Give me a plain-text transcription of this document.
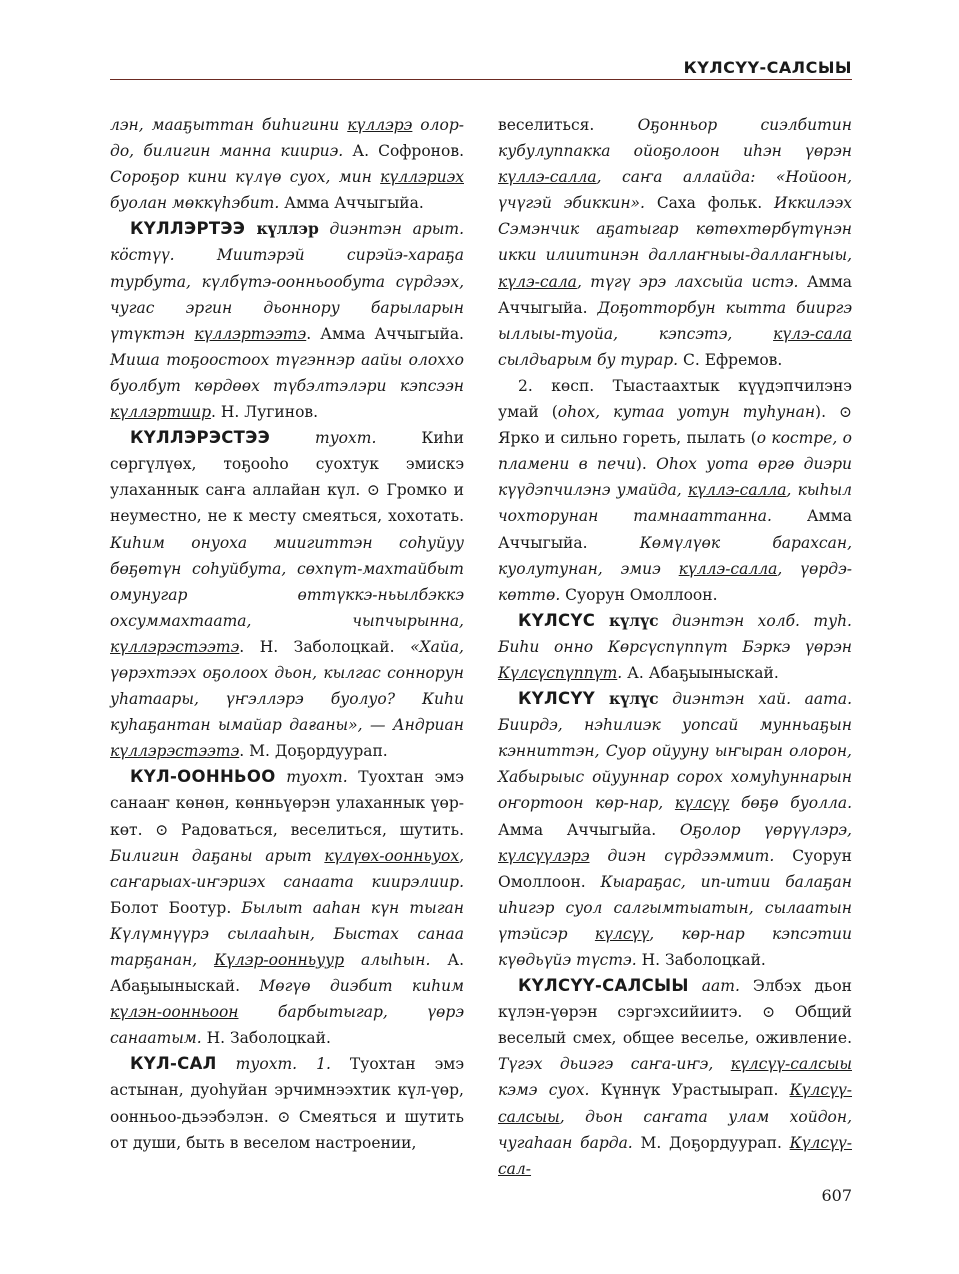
КҮЛСҮҮ-САЛСЫЫ

лэн, мааҕыттан биһигини күллэрэ олор-до, билигин манна киириэ. А. Софронов. Сороҕор кини күлүө суох, мин күллэриэх буолан мөккүһэбит. Амма Аччыгыйа.

КҮЛЛЭРТЭЭ күллэр диэнтэн арыт. кӧстүү. Миитэрэй сирэйэ-хараҕа турбута, күлбүтэ-оонньообута сүрдээх, чугас эргин дьоннору барыларын үтүктэн күллэртээтэ. Амма Аччыгыйа. Миша тоҕоостоох түгэннэр аайы олоххо буолбут көрдөөх түбэлтэлэри кэпсээн күллэртиир. Н. Лугинов.

КҮЛЛЭРЭСТЭЭ туохт. Киһи сөргүлүөх, тоҕооһо суохтук эмискэ улаханнык саҥа аллайан күл. ⊙ Громко и неуместно, не к месту смеяться, хохотать. Киһим онуоха миигиттэн соһуйуу бөҕөтүн соһуйбута, сөхпүт-махтайбыт омунугар өттүккэ-ньылбэккэ охсуммахтаата, чыпчырынна, күллэрэстээтэ. Н. Заболоцкай. «Хайа, үөрэхтээх оҕолоох дьон, кылгас соннорун уһатаары, үҥэллэрэ буолуо? Киһи куһаҕантан ымайар дағаны», — Андриан күллэрэстээтэ. М. Доҕордуурап.

КҮЛ-ООННЬОО туохт. Туохтан эмэ санааҥ көнөн, көнньүөрэн улаханнык үөр-көт. ⊙ Радоваться, веселиться, шутить. Билигин даҕаны арыт күлүөх-оонньуох, саҥарыах-иҥэриэх санаата киирэлиир. Болот Боотур. Былыт ааһан күн тыган Күлүмнүүрэ сылааһын, Быстах санаа тарҕанан, Күлэр-оонньуур алыһын. А. Абаҕыыныскай. Мөгүө диэбит киһим күлэн-оонньоон барбытыгар, үөрэ санаатым. Н. Заболоцкай.

КҮЛ-САЛ туохт. 1. Туохтан эмэ астынан, дуоһуйан эрчимнээхтик күл-үөр, оонньоо-дьээбэлэн. ⊙ Смеяться и шутить от души, быть в веселом настроении,

веселиться. Оҕонньор сиэлбитин кубулуппакка ойоҕолоон иһэн үөрэн күллэ-салла, саҥа аллайда: «Нойоон, үчүгэй эбиккин». Саха фольк. Иккилээх Сэмэнчик аҕатыгар көтөхтөрбүтүнэн икки илиитинэн даллаҥныы-даллаҥныы, күлэ-сала, түгү эрэ лахсыйа истэ. Амма Аччыгыйа. Доҕотторбун кытта бииргэ ыллыы-туойа, кэпсэтэ, күлэ-сала сылдьарым бу турар. С. Ефремов.

2. көсп. Тыастаахтык күүдэпчилэнэ умай (оһох, кутаа уотун туһунан). ⊙ Ярко и сильно гореть, пылать (о костре, о пламени в печи). Оһох уота өргө диэри күүдэпчилэнэ умайда, күллэ-салла, кыһыл чохторунан тамнааттанна. Амма Аччыгыйа. Көмүлүөк барахсан, куолутунан, эмиэ күллэ-салла, үөрдэ-көттө. Суорун Омоллоон.

КҮЛСҮС күлүс диэнтэн холб. туһ. Биһи онно Көрсүспүппүт Бэркэ үөрэн Күлсүспүппүт. А. Абаҕыыныскай.

КҮЛСҮҮ күлүс диэнтэн хай. аата. Биирдэ, нэһилиэк уопсай мунньаҕын кэнниттэн, Суор ойууну ыҥыран олорон, Хабырыыс ойууннар сорох хомуһуннарын оҥортоон көр-нар, күлсүү бөҕө буолла. Амма Аччыгыйа. Оҕолор үөрүүлэрэ, күлсүүлэрэ диэн сүрдээммит. Суорун Омоллоон. Кыараҕас, ип-итии балаҕан иһигэр суол салгымтыатын, сылаатын үтэйсэр күлсүү, көр-нар кэпсэтии күөдьүйэ түстэ. Н. Заболоцкай.

КҮЛСҮҮ-САЛСЫЫ аат. Элбэх дьон күлэн-үөрэн сэргэхсийиитэ. ⊙ Общий веселый смех, общее веселье, оживление. Түгэх дьиэгэ саҥа-иҥэ, күлсүү-салсыы кэмэ суох. Күннүк Урастыырап. Күлсүү-салсыы, дьон саҥата улам хойдон, чугаһаан барда. М. Доҕордуурап. Күлсүү-сал-

607
